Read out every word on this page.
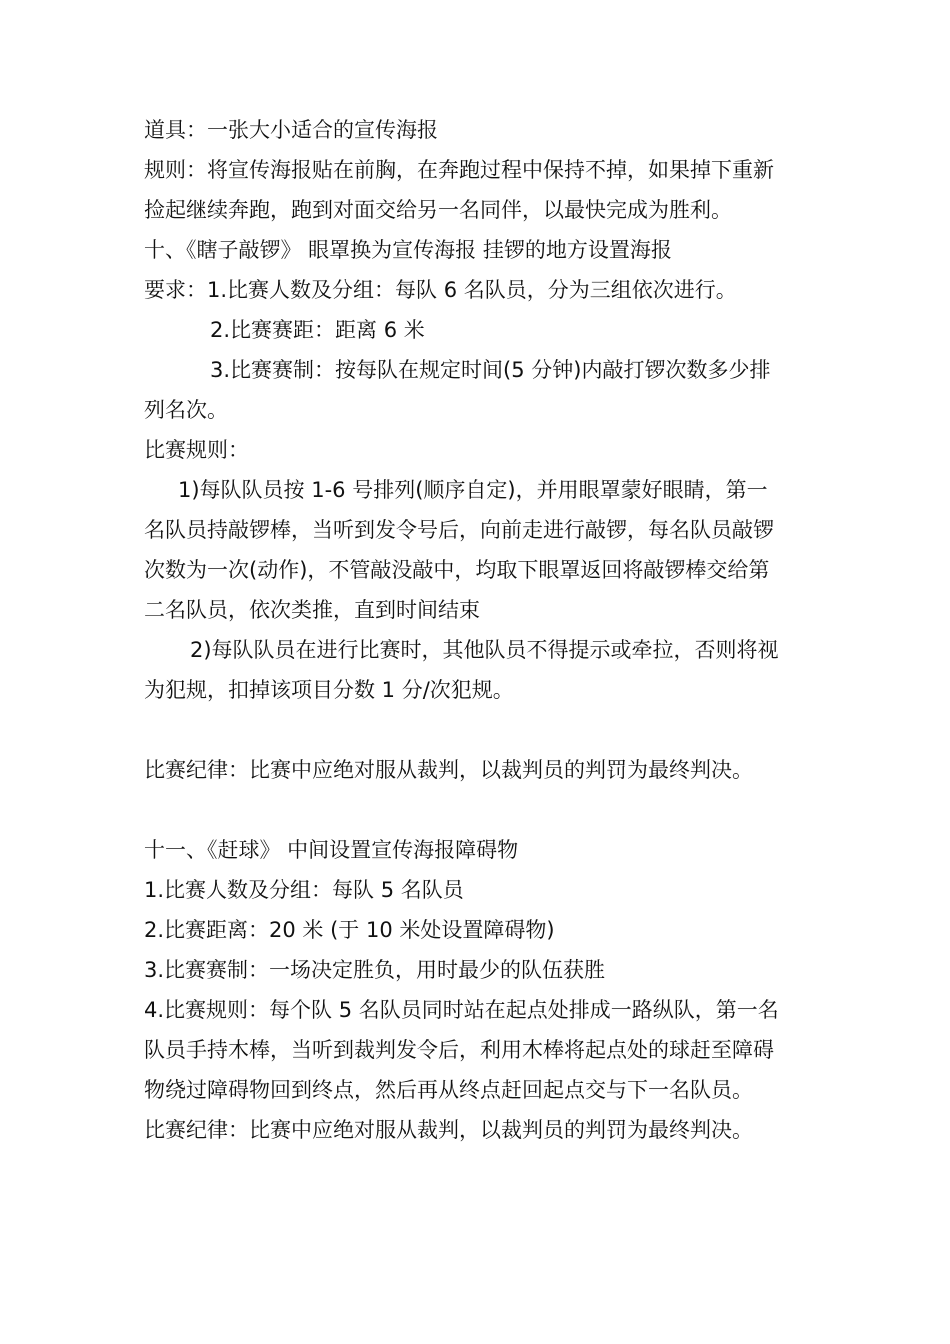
道具：一张大小适合的宣传海报
规则：将宣传海报贴在前胸，在奔跑过程中保持不掉，如果掉下重新
捡起继续奔跑，跑到对面交给另一名同伴，以最快完成为胜利。
十、《瞎子敲锣》 眼罩换为宣传海报 挂锣的地方设置海报
要求：1.比赛人数及分组：每队 6 名队员，分为三组依次进行。
2.比赛赛距：距离 6 米
3.比赛赛制：按每队在规定时间(5 分钟)内敲打锣次数多少排
列名次。
比赛规则：
1)每队队员按 1-6 号排列(顺序自定)，并用眼罩蒙好眼睛，第一
名队员持敲锣棒，当听到发令号后，向前走进行敲锣，每名队员敲锣
次数为一次(动作)，不管敲没敲中，均取下眼罩返回将敲锣棒交给第
二名队员，依次类推，直到时间结束
2)每队队员在进行比赛时，其他队员不得提示或牵拉，否则将视
为犯规，扣掉该项目分数 1 分/次犯规。
比赛纪律：比赛中应绝对服从裁判，以裁判员的判罚为最终判决。
十一、《赶球》 中间设置宣传海报障碍物
1.比赛人数及分组：每队 5 名队员
2.比赛距离：20 米 (于 10 米处设置障碍物)
3.比赛赛制：一场决定胜负，用时最少的队伍获胜
4.比赛规则：每个队 5 名队员同时站在起点处排成一路纵队，第一名
队员手持木棒，当听到裁判发令后，利用木棒将起点处的球赶至障碍
物绕过障碍物回到终点，然后再从终点赶回起点交与下一名队员。
比赛纪律：比赛中应绝对服从裁判，以裁判员的判罚为最终判决。
